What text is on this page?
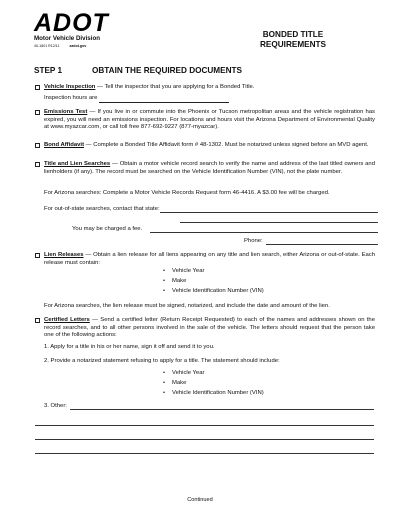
ADOT
Motor Vehicle Division
40-1801 R12/11	azdot.gov
BONDED TITLE
REQUIREMENTS
STEP 1	OBTAIN THE REQUIRED DOCUMENTS
Vehicle Inspection — Tell the inspector that you are applying for a Bonded Title.
Inspection hours are
Emissions Test — If you live in or commute into the Phoenix or Tucson metropolitan areas and the vehicle registration has expired, you will need an emissions inspection. For locations and hours visit the Arizona Department of Environmental Quality at www.myazcar.com, or call toll free 877-692-9227 (877-myazcar).
Bond Affidavit — Complete a Bonded Title Affidavit form # 48-1302. Must be notarized unless signed before an MVD agent.
Title and Lien Searches — Obtain a motor vehicle record search to verify the name and address of the last titled owners and lienholders (if any). The record must be searched on the Vehicle Identification Number (VIN), not the plate number.
For Arizona searches: Complete a Motor Vehicle Records Request form 46-4416. A $3.00 fee will be charged.
For out-of-state searches, contact that state:
You may be charged a fee.
Phone:
Lien Releases — Obtain a lien release for all liens appearing on any title and lien search, either Arizona or out-of-state. Each release must contain:
• Vehicle Year
• Make
• Vehicle Identification Number (VIN)
For Arizona searches, the lien release must be signed, notarized, and include the date and amount of the lien.
Certified Letters — Send a certified letter (Return Receipt Requested) to each of the names and addresses shown on the record searches, and to all other persons involved in the sale of the vehicle. The letters should request that the person take one of the following actions:
1. Apply for a title in his or her name, sign it off and send it to you.
2. Provide a notarized statement refusing to apply for a title. The statement should include:
• Vehicle Year
• Make
• Vehicle Identification Number (VIN)
3. Other:
Continued
